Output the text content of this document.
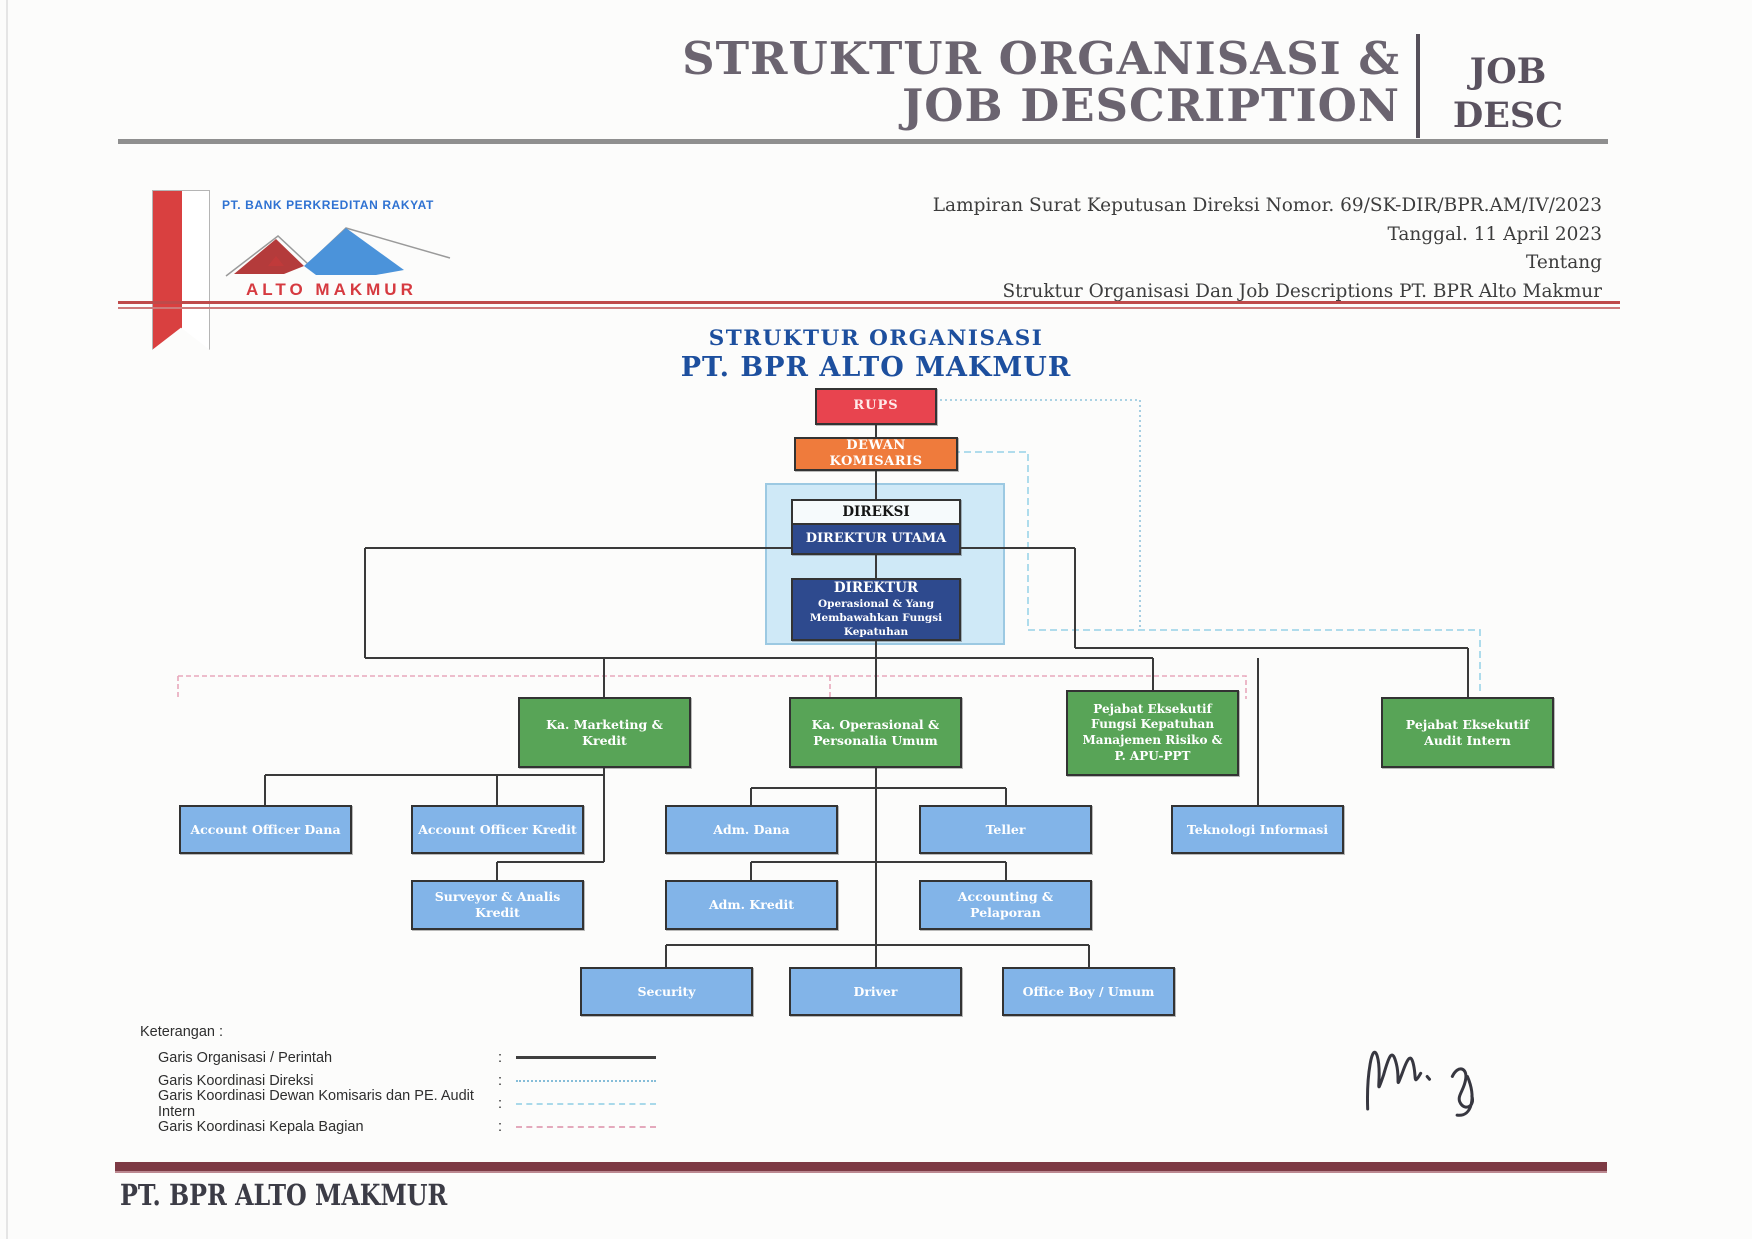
STRUKTUR ORGANISASI &
JOB DESCRIPTION
JOB
DESC
PT. BANK PERKREDITAN RAKYAT
ALTO MAKMUR
Lampiran Surat Keputusan Direksi Nomor. 69/SK-DIR/BPR.AM/IV/2023
Tanggal. 11 April 2023
Tentang
Struktur Organisasi Dan Job Descriptions PT. BPR Alto Makmur
STRUKTUR ORGANISASI
PT. BPR ALTO MAKMUR
RUPS
DEWAN KOMISARIS
DIREKSI
DIREKTUR UTAMA
DIREKTUR
Operasional & Yang
Membawahkan Fungsi Kepatuhan
Ka. Marketing & Kredit
Ka. Operasional &
Personalia Umum
Pejabat Eksekutif
Fungsi Kepatuhan
Manajemen Risiko &
P. APU-PPT
Pejabat Eksekutif
Audit Intern
Account Officer Dana	Account Officer Kredit	Adm. Dana	Teller	Teknologi Informasi
Surveyor & Analis Kredit
Adm. Kredit
Accounting & Pelaporan
Security	Driver	Office Boy / Umum
Keterangan :
Garis Organisasi / Perintah	:
Garis Koordinasi Direksi	:
Garis Koordinasi Dewan Komisaris dan PE. Audit Intern	:
Garis Koordinasi Kepala Bagian	:
PT. BPR ALTO MAKMUR
